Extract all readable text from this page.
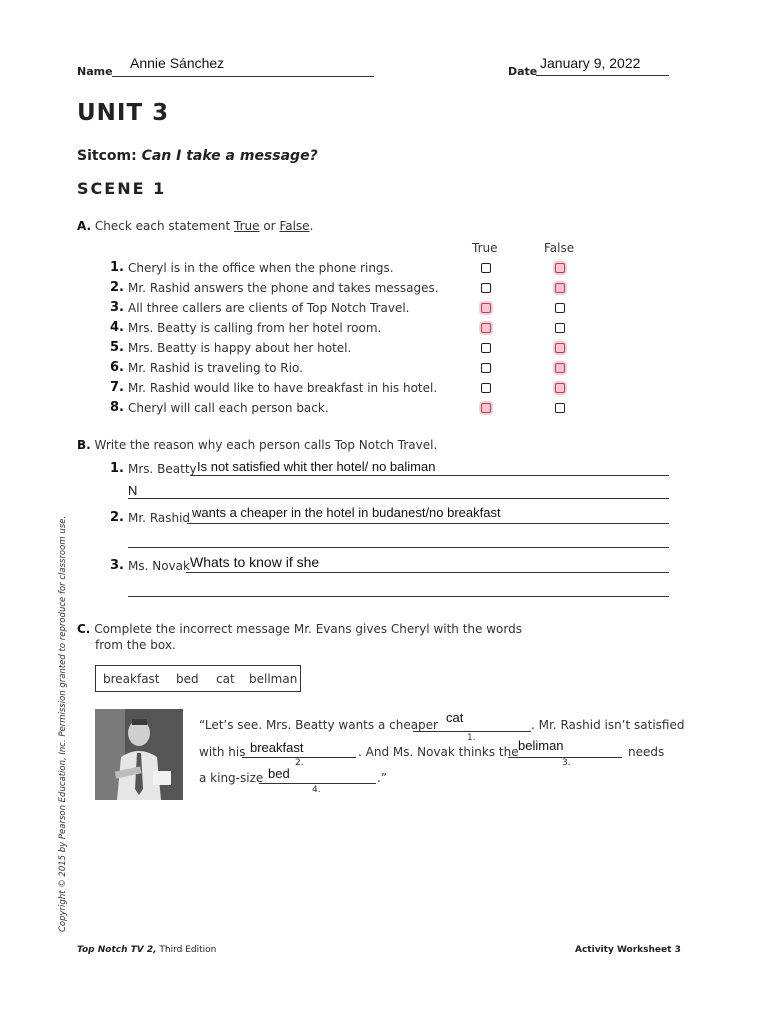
Name
Annie Sánchez
Date
January 9, 2022
UNIT 3
Sitcom: Can I take a message?
SCENE 1
A. Check each statement True or False.
True	False
1. Cheryl is in the office when the phone rings.
2. Mr. Rashid answers the phone and takes messages.
3. All three callers are clients of Top Notch Travel.
4. Mrs. Beatty is calling from her hotel room.
5. Mrs. Beatty is happy about her hotel.
6. Mr. Rashid is traveling to Rio.
7. Mr. Rashid would like to have breakfast in his hotel.
8. Cheryl will call each person back.
B. Write the reason why each person calls Top Notch Travel.
1. Mrs. Beatty Is not satisfied whit ther hotel/ no baliman
N
2. Mr. Rashid wants a cheaper in the hotel in budanest/no breakfast
3. Ms. Novak Whats to know if she
C. Complete the incorrect message Mr. Evans gives Cheryl with the words
from the box.
breakfast bed cat bellman
“Let’s see. Mrs. Beatty wants a cheaper cat
1.
. Mr. Rashid isn’t satisfied
with his breakfast
2.
. And Ms. Novak thinks the beliman
3.
needs
a king-size bed
4.
.”
Copyright © 2015 by Pearson Education, Inc. Permission granted to reproduce for classroom use.
Top Notch TV 2, Third Edition	Activity Worksheet 3
